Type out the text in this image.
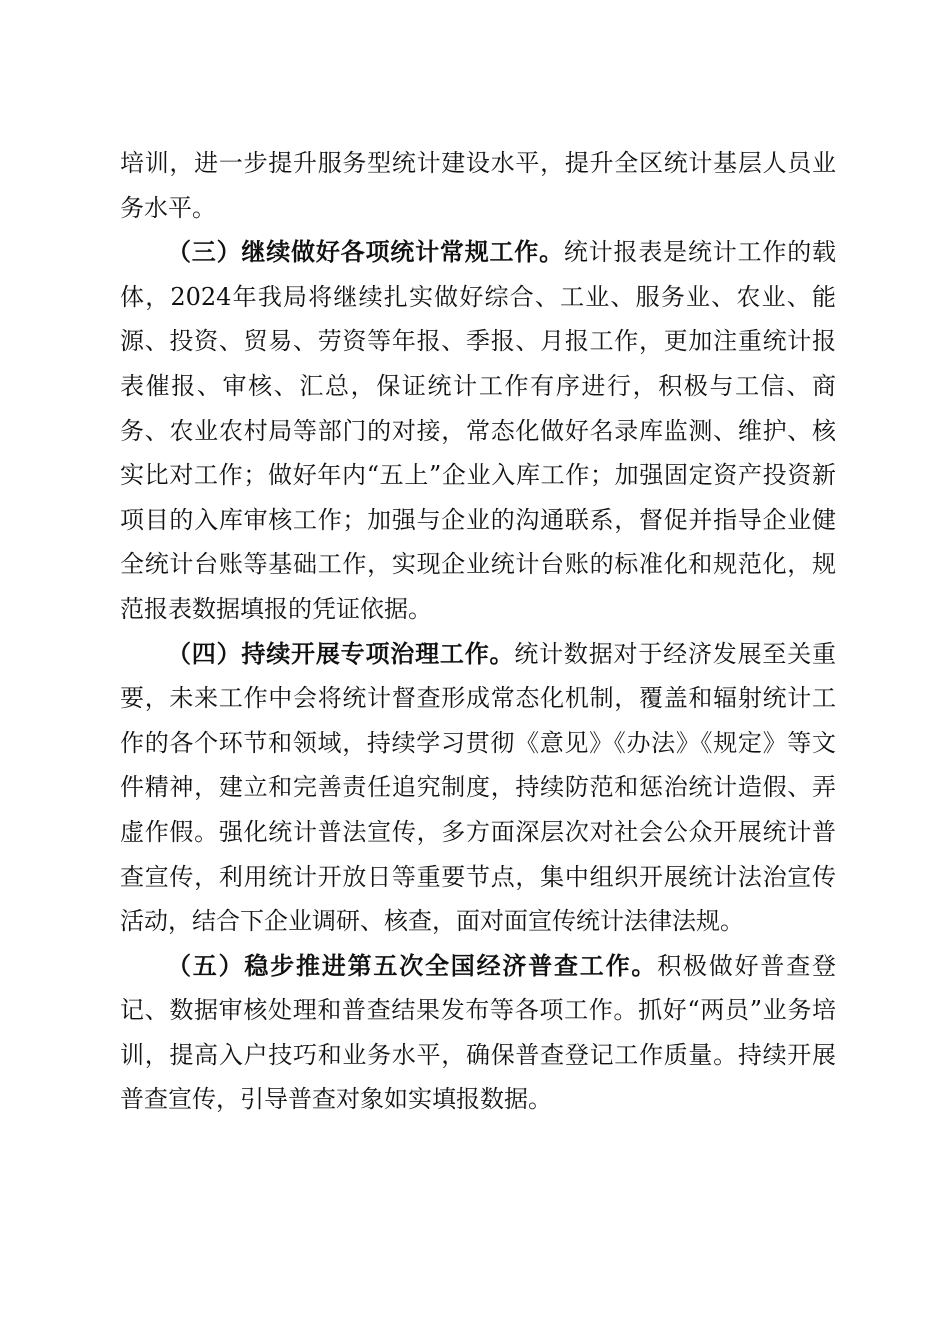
培训，进一步提升服务型统计建设水平，提升全区统计基层人员业务水平。

（三）继续做好各项统计常规工作。统计报表是统计工作的载体，2024年我局将继续扎实做好综合、工业、服务业、农业、能源、投资、贸易、劳资等年报、季报、月报工作，更加注重统计报表催报、审核、汇总，保证统计工作有序进行，积极与工信、商务、农业农村局等部门的对接，常态化做好名录库监测、维护、核实比对工作；做好年内“五上”企业入库工作；加强固定资产投资新项目的入库审核工作；加强与企业的沟通联系，督促并指导企业健全统计台账等基础工作，实现企业统计台账的标准化和规范化，规范报表数据填报的凭证依据。

（四）持续开展专项治理工作。统计数据对于经济发展至关重要，未来工作中会将统计督查形成常态化机制，覆盖和辐射统计工作的各个环节和领域，持续学习贯彻《意见》《办法》《规定》等文件精神，建立和完善责任追究制度，持续防范和惩治统计造假、弄虚作假。强化统计普法宣传，多方面深层次对社会公众开展统计普查宣传，利用统计开放日等重要节点，集中组织开展统计法治宣传活动，结合下企业调研、核查，面对面宣传统计法律法规。

（五）稳步推进第五次全国经济普查工作。积极做好普查登记、数据审核处理和普查结果发布等各项工作。抓好“两员”业务培训，提高入户技巧和业务水平，确保普查登记工作质量。持续开展普查宣传，引导普查对象如实填报数据。
